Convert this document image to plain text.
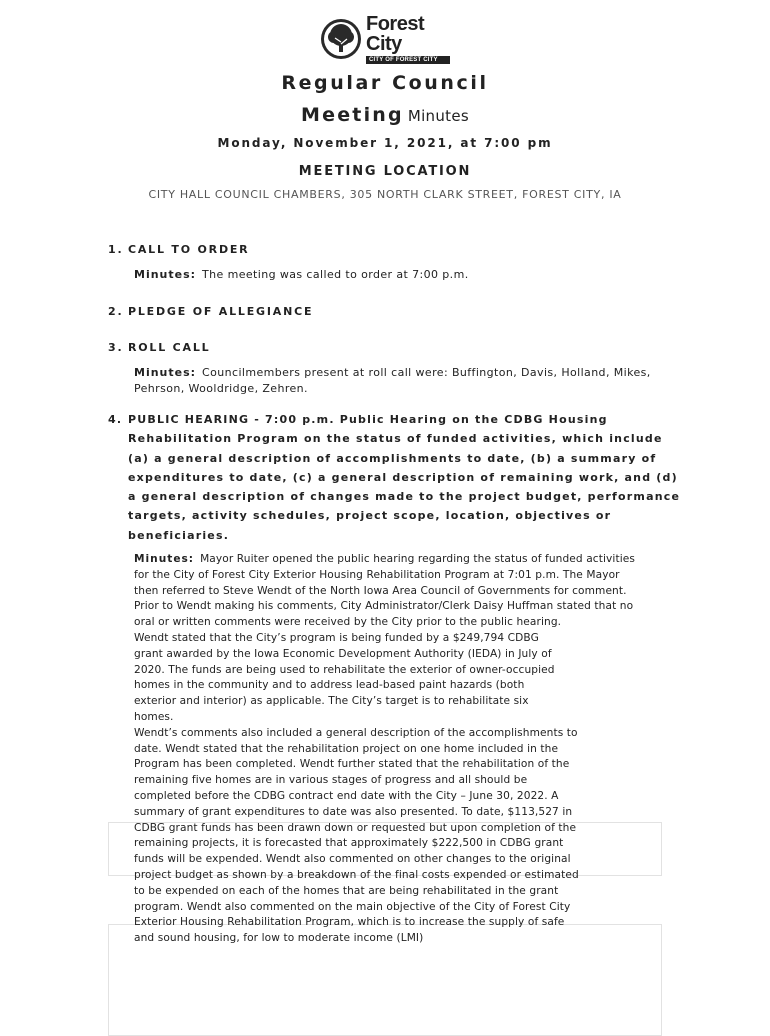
Forest City
CITY OF FOREST CITY
Regular Council
Meeting Minutes
Monday, November 1, 2021, at 7:00 pm
MEETING LOCATION
CITY HALL COUNCIL CHAMBERS, 305 NORTH CLARK STREET, FOREST CITY, IA
1. CALL TO ORDER
Minutes: The meeting was called to order at 7:00 p.m.
2. PLEDGE OF ALLEGIANCE
3. ROLL CALL
Minutes: Councilmembers present at roll call were: Buffington, Davis, Holland, Mikes,
Pehrson, Wooldridge, Zehren.
4. PUBLIC HEARING - 7:00 p.m. Public Hearing on the CDBG Housing
Rehabilitation Program on the status of funded activities, which include
(a) a general description of accomplishments to date, (b) a summary of
expenditures to date, (c) a general description of remaining work, and (d)
a general description of changes made to the project budget, performance
targets, activity schedules, project scope, location, objectives or
beneficiaries.
Minutes: Mayor Ruiter opened the public hearing regarding the status of funded activities
for the City of Forest City Exterior Housing Rehabilitation Program at 7:01 p.m. The Mayor
then referred to Steve Wendt of the North Iowa Area Council of Governments for comment.
Prior to Wendt making his comments, City Administrator/Clerk Daisy Huffman stated that no
oral or written comments were received by the City prior to the public hearing.
Wendt stated that the City’s program is being funded by a $249,794 CDBG
grant awarded by the Iowa Economic Development Authority (IEDA) in July of
2020. The funds are being used to rehabilitate the exterior of owner-occupied
homes in the community and to address lead-based paint hazards (both
exterior and interior) as applicable. The City’s target is to rehabilitate six
homes.
Wendt’s comments also included a general description of the accomplishments to
date. Wendt stated that the rehabilitation project on one home included in the
Program has been completed. Wendt further stated that the rehabilitation of the
remaining five homes are in various stages of progress and all should be
completed before the CDBG contract end date with the City – June 30, 2022. A
summary of grant expenditures to date was also presented. To date, $113,527 in
CDBG grant funds has been drawn down or requested but upon completion of the
remaining projects, it is forecasted that approximately $222,500 in CDBG grant
funds will be expended. Wendt also commented on other changes to the original
project budget as shown by a breakdown of the final costs expended or estimated
to be expended on each of the homes that are being rehabilitated in the grant
program. Wendt also commented on the main objective of the City of Forest City
Exterior Housing Rehabilitation Program, which is to increase the supply of safe
and sound housing, for low to moderate income (LMI)
